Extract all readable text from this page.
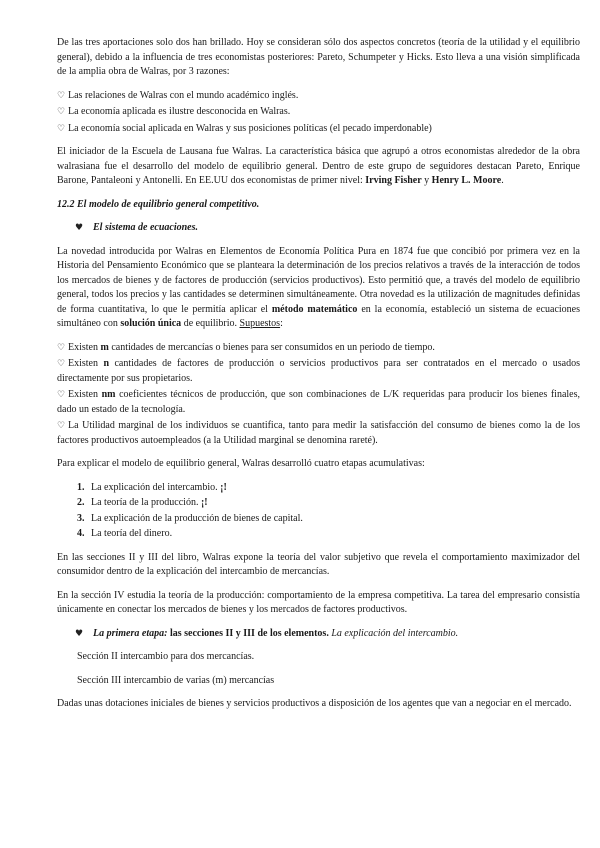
De las tres aportaciones solo dos han brillado. Hoy se consideran sólo dos aspectos concretos (teoría de la utilidad y el equilibrio general), debido a la influencia de tres economistas posteriores: Pareto, Schumpeter y Hicks. Esto lleva a una visión simplificada de la amplia obra de Walras, por 3 razones:

♡ Las relaciones de Walras con el mundo académico inglés.
♡ La economía aplicada es ilustre desconocida en Walras.
♡ La economía social aplicada en Walras y sus posiciones políticas (el pecado imperdonable)

El iniciador de la Escuela de Lausana fue Walras. La característica básica que agrupó a otros economistas alrededor de la obra walrasiana fue el desarrollo del modelo de equilibrio general. Dentro de este grupo de seguidores destacan Pareto, Enrique Barone, Pantaleoni y Antonelli. En EE.UU dos economistas de primer nivel: Irving Fisher y Henry L. Moore.

12.2 El modelo de equilibrio general competitivo.
♥ El sistema de ecuaciones.

La novedad introducida por Walras en Elementos de Economía Política Pura en 1874 fue que concibió por primera vez en la Historia del Pensamiento Económico que se planteara la determinación de los precios relativos a través de la interacción de todos los mercados de bienes y de factores de producción (servicios productivos). Esto permitió que, a través del modelo de equilibrio general, todos los precios y las cantidades se determinen simultáneamente. Otra novedad es la utilización de magnitudes definidas de forma cuantitativa, lo que le permitía aplicar el método matemático en la economía, estableció un sistema de ecuaciones simultáneo con solución única de equilibrio. Supuestos:

♡ Existen m cantidades de mercancías o bienes para ser consumidos en un periodo de tiempo.
♡ Existen n cantidades de factores de producción o servicios productivos para ser contratados en el mercado o usados directamente por sus propietarios.
♡ Existen nm coeficientes técnicos de producción, que son combinaciones de L/K requeridas para producir los bienes finales, dado un estado de la tecnología.
♡ La Utilidad marginal de los individuos se cuantifica, tanto para medir la satisfacción del consumo de bienes como la de los factores productivos autoempleados (a la Utilidad marginal se denomina rareté).

Para explicar el modelo de equilibrio general, Walras desarrolló cuatro etapas acumulativas:

1. La explicación del intercambio. ¡!
2. La teoría de la producción. ¡!
3. La explicación de la producción de bienes de capital.
4. La teoría del dinero.

En las secciones II y III del libro, Walras expone la teoría del valor subjetivo que revela el comportamiento maximizador del consumidor dentro de la explicación del intercambio de mercancías.

En la sección IV estudia la teoría de la producción: comportamiento de la empresa competitiva. La tarea del empresario consistía únicamente en conectar los mercados de bienes y los mercados de factores productivos.

♥ La primera etapa: las secciones II y III de los elementos. La explicación del intercambio.

Sección II intercambio para dos mercancías.

Sección III intercambio de varias (m) mercancías

Dadas unas dotaciones iniciales de bienes y servicios productivos a disposición de los agentes que van a negociar en el mercado.
